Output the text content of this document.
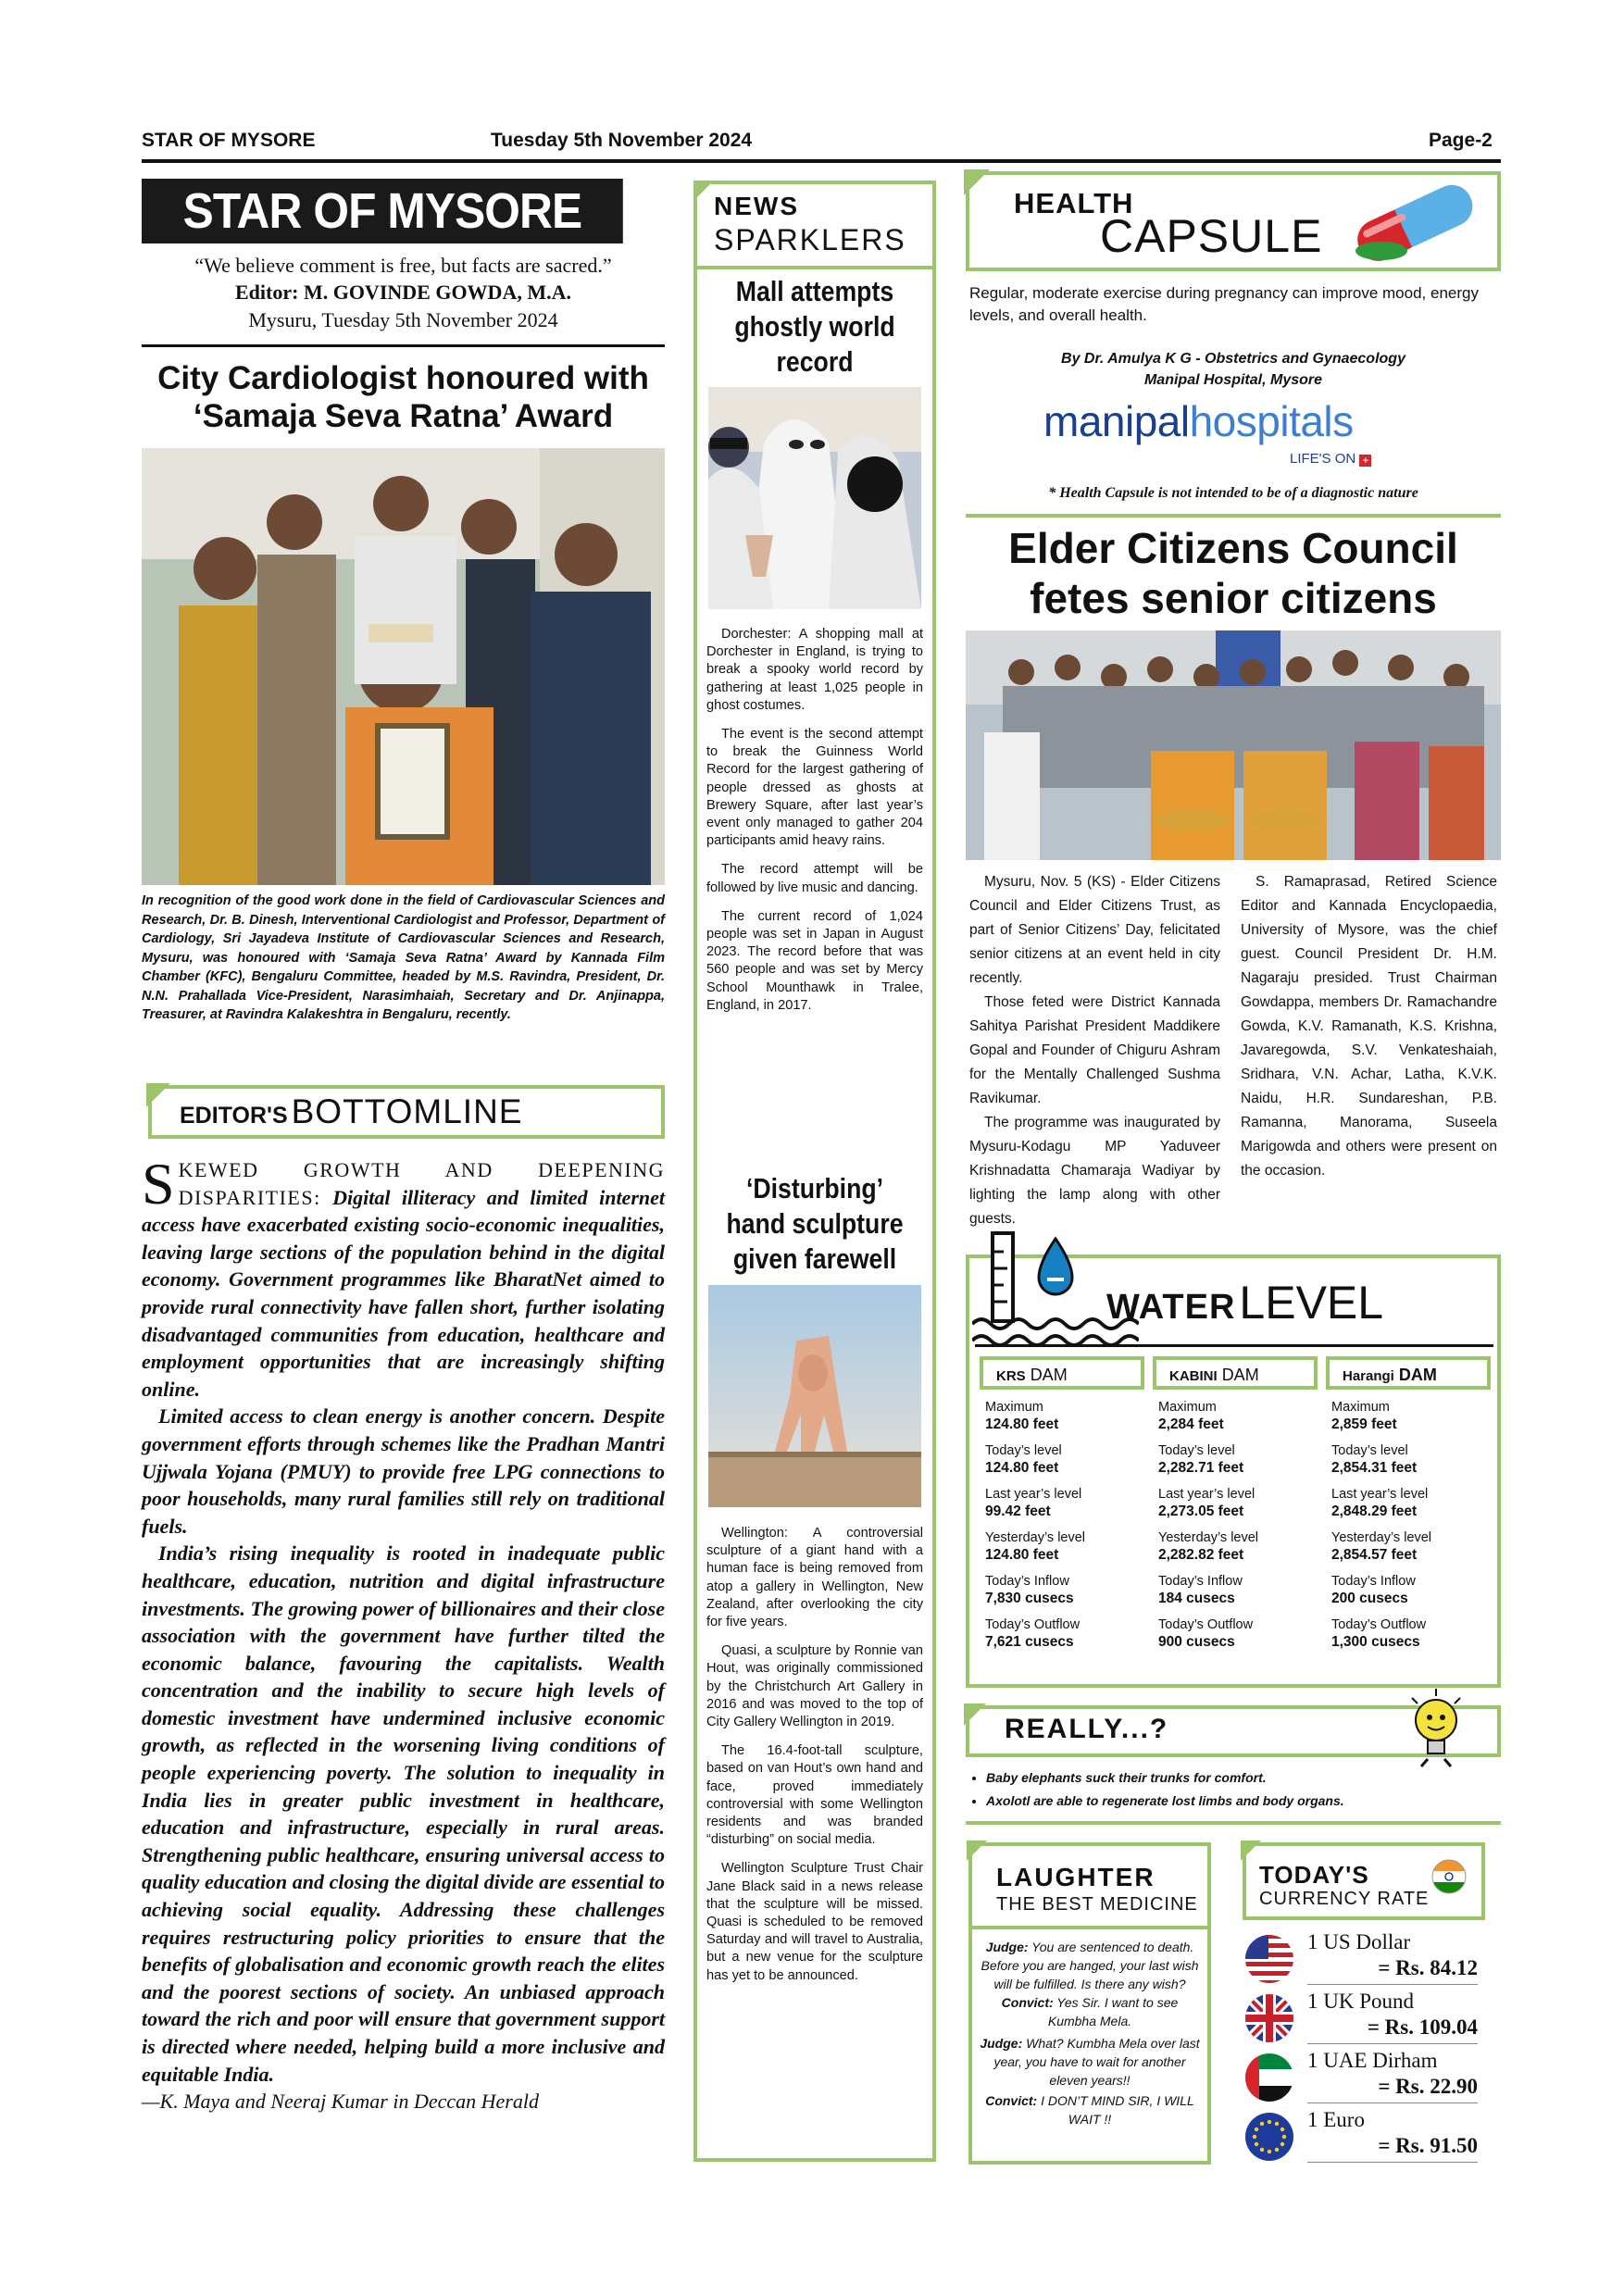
STAR OF MYSORE	Tuesday 5th November 2024	Page-2
STAR OF MYSORE
“We believe comment is free, but facts are sacred.”
Editor: M. GOVINDE GOWDA, M.A.
Mysuru, Tuesday 5th November 2024
City Cardiologist honoured with
‘Samaja Seva Ratna’ Award
In recognition of the good work done in the field of Cardiovascular Sciences and Research, Dr. B. Dinesh, Interventional Cardiologist and Professor, Department of Cardiology, Sri Jayadeva Institute of Cardiovascular Sciences and Research, Mysuru, was honoured with ‘Samaja Seva Ratna’ Award by Kannada Film Chamber (KFC), Bengaluru Committee, headed by M.S. Ravindra, President, Dr. N.N. Prahallada Vice-President, Narasimhaiah, Secretary and Dr. Anjinappa, Treasurer, at Ravindra Kalakeshtra in Bengaluru, recently.
EDITOR'S BOTTOMLINE

SKEWED GROWTH AND DEEPENING DISPARITIES: Digital illiteracy and limited internet access have exacerbated existing socio-economic inequalities, leaving large sections of the population behind in the digital economy. Government programmes like BharatNet aimed to provide rural connectivity have fallen short, further isolating disadvantaged communities from education, healthcare and employment opportunities that are increasingly shifting online.

Limited access to clean energy is another concern. Despite government efforts through schemes like the Pradhan Mantri Ujjwala Yojana (PMUY) to provide free LPG connections to poor households, many rural families still rely on traditional fuels.

India’s rising inequality is rooted in inadequate public healthcare, education, nutrition and digital infrastructure investments. The growing power of billionaires and their close association with the government have further tilted the economic balance, favouring the capitalists. Wealth concentration and the inability to secure high levels of domestic investment have undermined inclusive economic growth, as reflected in the worsening living conditions of people experiencing poverty. The solution to inequality in India lies in greater public investment in healthcare, education and infrastructure, especially in rural areas. Strengthening public healthcare, ensuring universal access to quality education and closing the digital divide are essential to achieving social equality. Addressing these challenges requires restructuring policy priorities to ensure that the benefits of globalisation and economic growth reach the elites and the poorest sections of society. An unbiased approach toward the rich and poor will ensure that government support is directed where needed, helping build a more inclusive and equitable India.

—K. Maya and Neeraj Kumar in Deccan Herald
NEWS
SPARKLERS
Mall attempts ghostly world record

Dorchester: A shopping mall at Dorchester in England, is trying to break a spooky world record by gathering at least 1,025 people in ghost costumes.

The event is the second attempt to break the Guinness World Record for the largest gathering of people dressed as ghosts at Brewery Square, after last year’s event only managed to gather 204 participants amid heavy rains.

The record attempt will be followed by live music and dancing.

The current record of 1,024 people was set in Japan in August 2023. The record before that was 560 people and was set by Mercy School Mounthawk in Tralee, England, in 2017.

‘Disturbing’ hand sculpture given farewell

Wellington: A controversial sculpture of a giant hand with a human face is being removed from atop a gallery in Wellington, New Zealand, after overlooking the city for five years.

Quasi, a sculpture by Ronnie van Hout, was originally commissioned by the Christchurch Art Gallery in 2016 and was moved to the top of City Gallery Wellington in 2019.

The 16.4-foot-tall sculpture, based on van Hout’s own hand and face, proved immediately controversial with some Wellington residents and was branded “disturbing” on social media.

Wellington Sculpture Trust Chair Jane Black said in a news release that the sculpture will be missed. Quasi is scheduled to be removed Saturday and will travel to Australia, but a new venue for the sculpture has yet to be announced.

HEALTH
CAPSULE
Regular, moderate exercise during pregnancy can improve mood, energy levels, and overall health.
By Dr. Amulya K G - Obstetrics and Gynaecology
Manipal Hospital, Mysore
manipalhospitals
LIFE'S ON +
* Health Capsule is not intended to be of a diagnostic nature
Elder Citizens Council
fetes senior citizens

Mysuru, Nov. 5 (KS) - Elder Citizens Council and Elder Citizens Trust, as part of Senior Citizens’ Day, felicitated senior citizens at an event held in city recently.

Those feted were District Kannada Sahitya Parishat President Maddikere Gopal and Founder of Chiguru Ashram for the Mentally Challenged Sushma Ravikumar.

The programme was inaugurated by Mysuru-Kodagu MP Yaduveer Krishnadatta Chamaraja Wadiyar by lighting the lamp along with other guests.

S. Ramaprasad, Retired Science Editor and Kannada Encyclopaedia, University of Mysore, was the chief guest. Council President Dr. H.M. Nagaraju presided. Trust Chairman Gowdappa, members Dr. Ramachandre Gowda, K.V. Ramanath, K.S. Krishna, Javaregowda, S.V. Venkateshaiah, Sridhara, V.N. Achar, Latha, K.V.K. Naidu, H.R. Sundareshan, P.B. Ramanna, Manorama, Suseela Marigowda and others were present on the occasion.

WATER LEVEL
KRS DAM
Maximum
124.80 feet
Today’s level
124.80 feet
Last year’s level
99.42 feet
Yesterday’s level
124.80 feet
Today’s Inflow
7,830 cusecs
Today’s Outflow
7,621 cusecs
KABINI DAM
Maximum
2,284 feet
Today’s level
2,282.71 feet
Last year’s level
2,273.05 feet
Yesterday’s level
2,282.82 feet
Today’s Inflow
184 cusecs
Today’s Outflow
900 cusecs
Harangi DAM
Maximum
2,859 feet
Today’s level
2,854.31 feet
Last year’s level
2,848.29 feet
Yesterday’s level
2,854.57 feet
Today’s Inflow
200 cusecs
Today’s Outflow
1,300 cusecs
REALLY...?
• Baby elephants suck their trunks for comfort.
• Axolotl are able to regenerate lost limbs and body organs.
LAUGHTER
THE BEST MEDICINE
Judge: You are sentenced to death. Before you are hanged, your last wish will be fulfilled. Is there any wish? Convict: Yes Sir. I want to see Kumbha Mela.
Judge: What? Kumbha Mela over last year, you have to wait for another eleven years!!
Convict: I DON’T MIND SIR, I WILL WAIT !!
TODAY'S
CURRENCY RATE
1 US Dollar
= Rs. 84.12
1 UK Pound
= Rs. 109.04
1 UAE Dirham
= Rs. 22.90
1 Euro
= Rs. 91.50
